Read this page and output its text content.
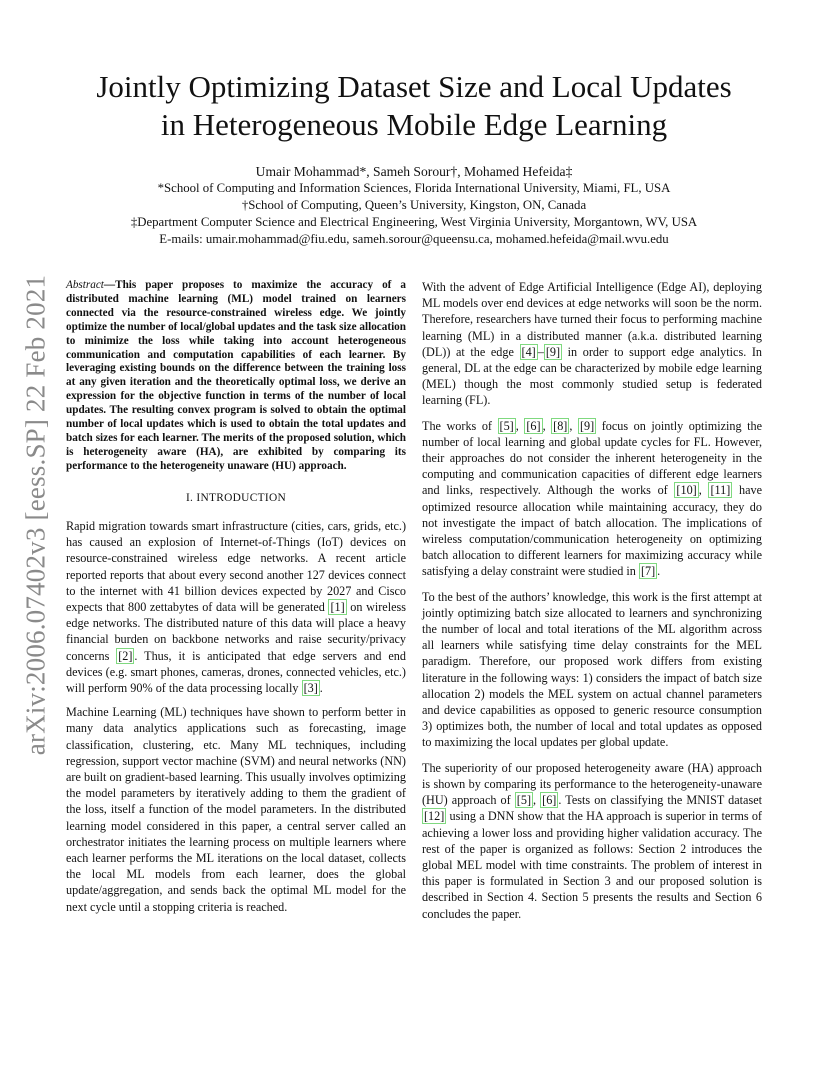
arXiv:2006.07402v3 [eess.SP] 22 Feb 2021
Jointly Optimizing Dataset Size and Local Updates
in Heterogeneous Mobile Edge Learning
Umair Mohammad*, Sameh Sorour†, Mohamed Hefeida‡
*School of Computing and Information Sciences, Florida International University, Miami, FL, USA
†School of Computing, Queen’s University, Kingston, ON, Canada
‡Department Computer Science and Electrical Engineering, West Virginia University, Morgantown, WV, USA
E-mails: umair.mohammad@fiu.edu, sameh.sorour@queensu.ca, mohamed.hefeida@mail.wvu.edu

Abstract—This paper proposes to maximize the accuracy of a distributed machine learning (ML) model trained on learners connected via the resource-constrained wireless edge. We jointly optimize the number of local/global updates and the task size allocation to minimize the loss while taking into account heterogeneous communication and computation capabilities of each learner. By leveraging existing bounds on the difference between the training loss at any given iteration and the theoretically optimal loss, we derive an expression for the objective function in terms of the number of local updates. The resulting convex program is solved to obtain the optimal number of local updates which is used to obtain the total updates and batch sizes for each learner. The merits of the proposed solution, which is heterogeneity aware (HA), are exhibited by comparing its performance to the heterogeneity unaware (HU) approach.

I. INTRODUCTION

Rapid migration towards smart infrastructure (cities, cars, grids, etc.) has caused an explosion of Internet-of-Things (IoT) devices on resource-constrained wireless edge networks. A recent article reported reports that about every second another 127 devices connect to the internet with 41 billion devices expected by 2027 and Cisco expects that 800 zettabytes of data will be generated [1] on wireless edge networks. The distributed nature of this data will place a heavy financial burden on backbone networks and raise security/privacy concerns [2] . Thus, it is anticipated that edge servers and end devices (e.g. smart phones, cameras, drones, connected vehicles, etc.) will perform 90% of the data processing locally [3] .

Machine Learning (ML) techniques have shown to perform better in many data analytics applications such as forecasting, image classification, clustering, etc. Many ML techniques, including regression, support vector machine (SVM) and neural networks (NN) are built on gradient-based learning. This usually involves optimizing the model parameters by iteratively adding to them the gradient of the loss, itself a function of the model parameters. In the distributed learning model considered in this paper, a central server called an orchestrator initiates the learning process on multiple learners where each learner performs the ML iterations on the local dataset, collects the local ML models from each learner, does the global update/aggregation, and sends back the optimal ML model for the next cycle until a stopping criteria is reached.

With the advent of Edge Artificial Intelligence (Edge AI), deploying ML models over end devices at edge networks will soon be the norm. Therefore, researchers have turned their focus to performing machine learning (ML) in a distributed manner (a.k.a. distributed learning (DL)) at the edge [4] – [9] in order to support edge analytics. In general, DL at the edge can be characterized by mobile edge learning (MEL) though the most commonly studied setup is federated learning (FL).

The works of [5] , [6] , [8] , [9] focus on jointly optimizing the number of local learning and global update cycles for FL. However, their approaches do not consider the inherent heterogeneity in the computing and communication capacities of different edge learners and links, respectively. Although the works of [10] , [11] have optimized resource allocation while maintaining accuracy, they do not investigate the impact of batch allocation. The implications of wireless computation/communication heterogeneity on optimizing batch allocation to different learners for maximizing accuracy while satisfying a delay constraint were studied in [7] .

To the best of the authors’ knowledge, this work is the first attempt at jointly optimizing batch size allocated to learners and synchronizing the number of local and total iterations of the ML algorithm across all learners while satisfying time delay constraints for the MEL paradigm. Therefore, our proposed work differs from existing literature in the following ways: 1) considers the impact of batch size allocation 2) models the MEL system on actual channel parameters and device capabilities as opposed to generic resource consumption 3) optimizes both, the number of local and total updates as opposed to maximizing the local updates per global update.

The superiority of our proposed heterogeneity aware (HA) approach is shown by comparing its performance to the heterogeneity-unaware (HU) approach of [5] , [6] . Tests on classifying the MNIST dataset [12] using a DNN show that the HA approach is superior in terms of achieving a lower loss and providing higher validation accuracy. The rest of the paper is organized as follows: Section 2 introduces the global MEL model with time constraints. The problem of interest in this paper is formulated in Section 3 and our proposed solution is described in Section 4. Section 5 presents the results and Section 6 concludes the paper.
